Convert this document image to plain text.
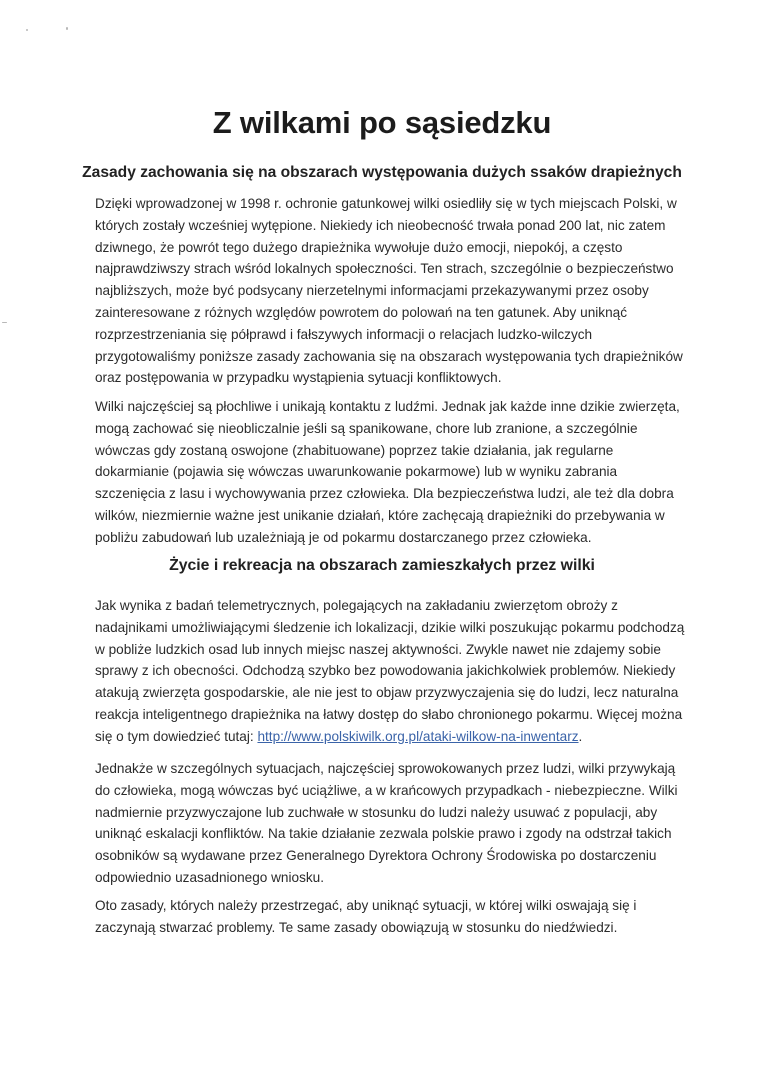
Z wilkami po sąsiedzku
Zasady zachowania się na obszarach występowania dużych ssaków drapieżnych

Dzięki wprowadzonej w 1998 r. ochronie gatunkowej wilki osiedliły się w tych miejscach Polski, w których zostały wcześniej wytępione. Niekiedy ich nieobecność trwała ponad 200 lat, nic zatem dziwnego, że powrót tego dużego drapieżnika wywołuje dużo emocji, niepokój, a często najprawdziwszy strach wśród lokalnych społeczności. Ten strach, szczególnie o bezpieczeństwo najbliższych, może być podsycany nierzetelnymi informacjami przekazywanymi przez osoby zainteresowane z różnych względów powrotem do polowań na ten gatunek. Aby uniknąć rozprzestrzeniania się półprawd i fałszywych informacji o relacjach ludzko-wilczych przygotowaliśmy poniższe zasady zachowania się na obszarach występowania tych drapieżników oraz postępowania w przypadku wystąpienia sytuacji konfliktowych.

Wilki najczęściej są płochliwe i unikają kontaktu z ludźmi. Jednak jak każde inne dzikie zwierzęta, mogą zachować się nieobliczalnie jeśli są spanikowane, chore lub zranione, a szczególnie wówczas gdy zostaną oswojone (zhabituowane) poprzez takie działania, jak regularne dokarmianie (pojawia się wówczas uwarunkowanie pokarmowe) lub w wyniku zabrania szczenięcia z lasu i wychowywania przez człowieka. Dla bezpieczeństwa ludzi, ale też dla dobra wilków, niezmiernie ważne jest unikanie działań, które zachęcają drapieżniki do przebywania w pobliżu zabudowań lub uzależniają je od pokarmu dostarczanego przez człowieka.

Życie i rekreacja na obszarach zamieszkałych przez wilki

Jak wynika z badań telemetrycznych, polegających na zakładaniu zwierzętom obroży z nadajnikami umożliwiającymi śledzenie ich lokalizacji, dzikie wilki poszukując pokarmu podchodzą w pobliże ludzkich osad lub innych miejsc naszej aktywności. Zwykle nawet nie zdajemy sobie sprawy z ich obecności. Odchodzą szybko bez powodowania jakichkolwiek problemów. Niekiedy atakują zwierzęta gospodarskie, ale nie jest to objaw przyzwyczajenia się do ludzi, lecz naturalna reakcja inteligentnego drapieżnika na łatwy dostęp do słabo chronionego pokarmu. Więcej można się o tym dowiedzieć tutaj: http://www.polskiwilk.org.pl/ataki-wilkow-na-inwentarz.

Jednakże w szczególnych sytuacjach, najczęściej sprowokowanych przez ludzi, wilki przywykają do człowieka, mogą wówczas być uciążliwe, a w krańcowych przypadkach - niebezpieczne. Wilki nadmiernie przyzwyczajone lub zuchwałe w stosunku do ludzi należy usuwać z populacji, aby uniknąć eskalacji konfliktów. Na takie działanie zezwala polskie prawo i zgody na odstrzał takich osobników są wydawane przez Generalnego Dyrektora Ochrony Środowiska po dostarczeniu odpowiednio uzasadnionego wniosku.

Oto zasady, których należy przestrzegać, aby uniknąć sytuacji, w której wilki oswajają się i zaczynają stwarzać problemy. Te same zasady obowiązują w stosunku do niedźwiedzi.
